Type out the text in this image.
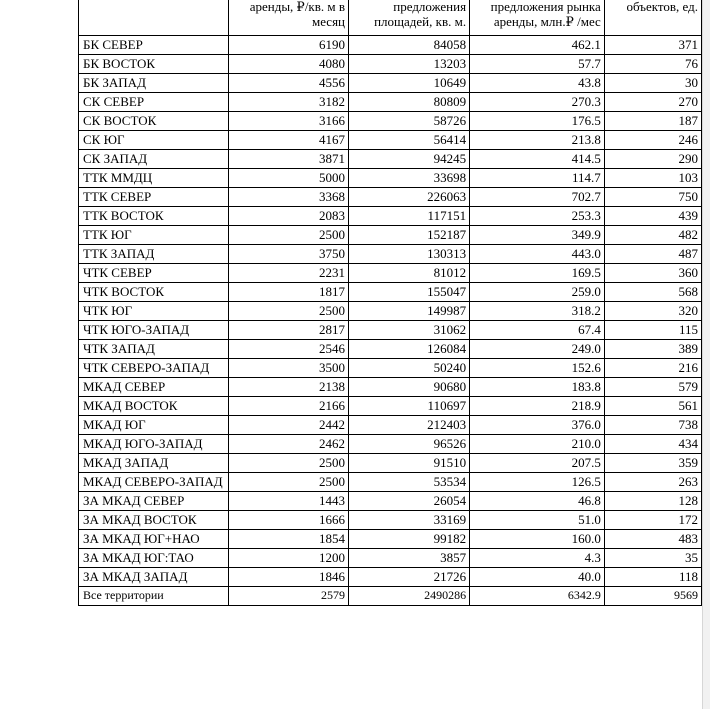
	аренды, ₽/кв. м в месяц	предложения площадей, кв. м.	предложения рынка аренды, млн.₽ /мес	объектов, ед.
БК СЕВЕР	6190	84058	462.1	371
БК ВОСТОК	4080	13203	57.7	76
БК ЗАПАД	4556	10649	43.8	30
СК СЕВЕР	3182	80809	270.3	270
СК ВОСТОК	3166	58726	176.5	187
СК ЮГ	4167	56414	213.8	246
СК ЗАПАД	3871	94245	414.5	290
ТТК ММДЦ	5000	33698	114.7	103
ТТК СЕВЕР	3368	226063	702.7	750
ТТК ВОСТОК	2083	117151	253.3	439
ТТК ЮГ	2500	152187	349.9	482
ТТК ЗАПАД	3750	130313	443.0	487
ЧТК СЕВЕР	2231	81012	169.5	360
ЧТК ВОСТОК	1817	155047	259.0	568
ЧТК ЮГ	2500	149987	318.2	320
ЧТК ЮГО-ЗАПАД	2817	31062	67.4	115
ЧТК ЗАПАД	2546	126084	249.0	389
ЧТК СЕВЕРО-ЗАПАД	3500	50240	152.6	216
МКАД СЕВЕР	2138	90680	183.8	579
МКАД ВОСТОК	2166	110697	218.9	561
МКАД ЮГ	2442	212403	376.0	738
МКАД ЮГО-ЗАПАД	2462	96526	210.0	434
МКАД ЗАПАД	2500	91510	207.5	359
МКАД СЕВЕРО-ЗАПАД	2500	53534	126.5	263
ЗА МКАД СЕВЕР	1443	26054	46.8	128
ЗА МКАД ВОСТОК	1666	33169	51.0	172
ЗА МКАД ЮГ+НАО	1854	99182	160.0	483
ЗА МКАД ЮГ:ТАО	1200	3857	4.3	35
ЗА МКАД ЗАПАД	1846	21726	40.0	118
Все территории	2579	2490286	6342.9	9569
